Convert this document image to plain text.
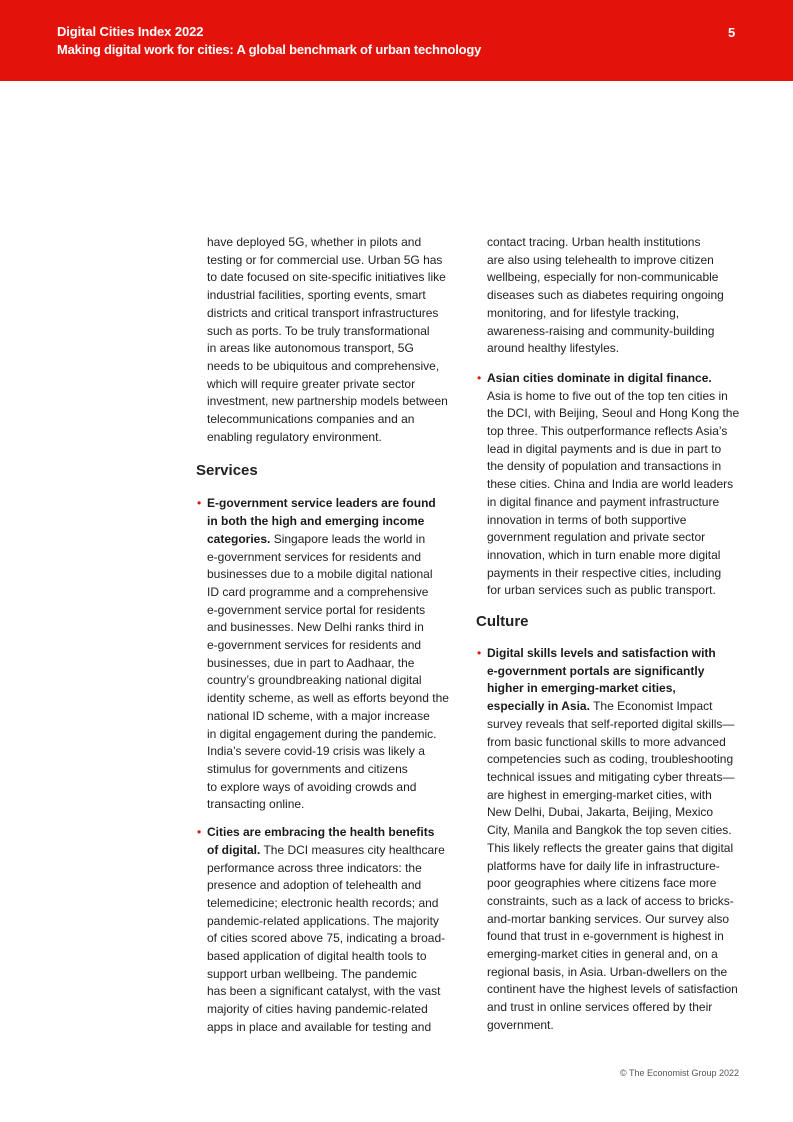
Digital Cities Index 2022
Making digital work for cities: A global benchmark of urban technology
5

have deployed 5G, whether in pilots and
testing or for commercial use. Urban 5G has
to date focused on site-specific initiatives like
industrial facilities, sporting events, smart
districts and critical transport infrastructures
such as ports. To be truly transformational
in areas like autonomous transport, 5G
needs to be ubiquitous and comprehensive,
which will require greater private sector
investment, new partnership models between
telecommunications companies and an
enabling regulatory environment.

Services
• E-government service leaders are found
in both the high and emerging income
categories. Singapore leads the world in
e-government services for residents and
businesses due to a mobile digital national
ID card programme and a comprehensive
e-government service portal for residents
and businesses. New Delhi ranks third in
e-government services for residents and
businesses, due in part to Aadhaar, the
country’s groundbreaking national digital
identity scheme, as well as efforts beyond the
national ID scheme, with a major increase
in digital engagement during the pandemic.
India’s severe covid-19 crisis was likely a
stimulus for governments and citizens
to explore ways of avoiding crowds and
transacting online.

• Cities are embracing the health benefits
of digital. The DCI measures city healthcare
performance across three indicators: the
presence and adoption of telehealth and
telemedicine; electronic health records; and
pandemic-related applications. The majority
of cities scored above 75, indicating a broad-
based application of digital health tools to
support urban wellbeing. The pandemic
has been a significant catalyst, with the vast
majority of cities having pandemic-related
apps in place and available for testing and

contact tracing. Urban health institutions
are also using telehealth to improve citizen
wellbeing, especially for non-communicable
diseases such as diabetes requiring ongoing
monitoring, and for lifestyle tracking,
awareness-raising and community-building
around healthy lifestyles.

• Asian cities dominate in digital finance.
Asia is home to five out of the top ten cities in
the DCI, with Beijing, Seoul and Hong Kong the
top three. This outperformance reflects Asia’s
lead in digital payments and is due in part to
the density of population and transactions in
these cities. China and India are world leaders
in digital finance and payment infrastructure
innovation in terms of both supportive
government regulation and private sector
innovation, which in turn enable more digital
payments in their respective cities, including
for urban services such as public transport.

Culture
• Digital skills levels and satisfaction with
e-government portals are significantly
higher in emerging-market cities,
especially in Asia. The Economist Impact
survey reveals that self-reported digital skills—
from basic functional skills to more advanced
competencies such as coding, troubleshooting
technical issues and mitigating cyber threats—
are highest in emerging-market cities, with
New Delhi, Dubai, Jakarta, Beijing, Mexico
City, Manila and Bangkok the top seven cities.
This likely reflects the greater gains that digital
platforms have for daily life in infrastructure-
poor geographies where citizens face more
constraints, such as a lack of access to bricks-
and-mortar banking services. Our survey also
found that trust in e-government is highest in
emerging-market cities in general and, on a
regional basis, in Asia. Urban-dwellers on the
continent have the highest levels of satisfaction
and trust in online services offered by their
government.

© The Economist Group 2022
